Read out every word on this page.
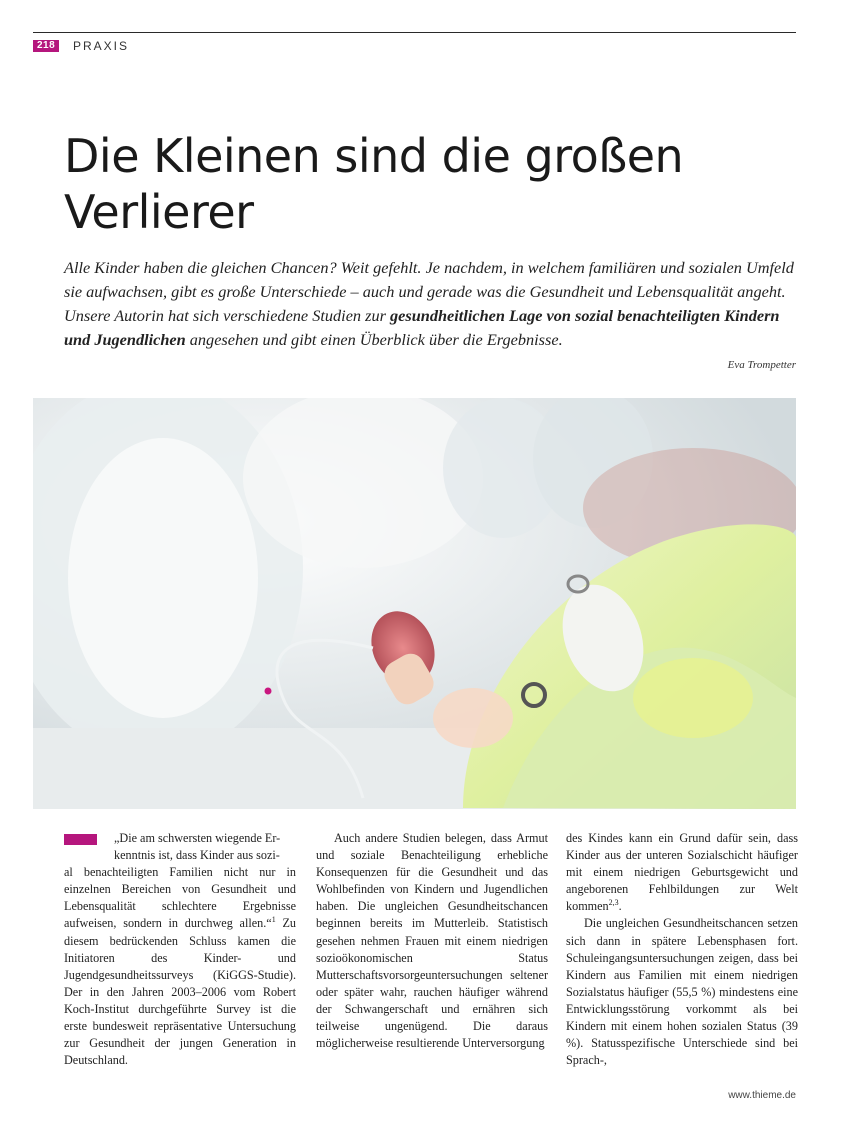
218	PRAXIS
Die Kleinen sind die großen
Verlierer

Alle Kinder haben die gleichen Chancen? Weit gefehlt. Je nachdem, in welchem familiären und sozialen Umfeld sie aufwachsen, gibt es große Unterschiede – auch und gerade was die Gesundheit und Lebensqualität angeht. Unsere Autorin hat sich verschiedene Studien zur gesundheitlichen Lage von sozial benachteiligten Kindern und Jugendlichen angesehen und gibt einen Überblick über die Ergebnisse.

Eva Trompetter

„Die am schwersten wiegende Er-

kenntnis ist, dass Kinder aus sozi-

al benachteiligten Familien nicht nur in einzelnen Bereichen von Gesundheit und Lebensqualität schlechtere Ergebnisse aufweisen, sondern in durchweg allen.“$^1$ Zu diesem bedrückenden Schluss kamen die Initiatoren des Kinder- und Jugendgesundheitssurveys (KiGGS-Studie). Der in den Jahren 2003–2006 vom Robert Koch-Institut durchgeführte Survey ist die erste bundesweit repräsentative Untersuchung zur Gesundheit der jungen Generation in Deutschland.

Auch andere Studien belegen, dass Armut und soziale Benachteiligung erhebliche Konsequenzen für die Gesundheit und das Wohlbefinden von Kindern und Jugendlichen haben. Die ungleichen Gesundheitschancen beginnen bereits im Mutterleib. Statistisch gesehen nehmen Frauen mit einem niedrigen sozioökonomischen Status Mutterschaftsvorsorgeuntersuchungen seltener oder später wahr, rauchen häufiger während der Schwangerschaft und ernähren sich teilweise ungenügend. Die daraus möglicherweise resultierende Unterversorgung

des Kindes kann ein Grund dafür sein, dass Kinder aus der unteren Sozialschicht häufiger mit einem niedrigen Geburtsgewicht und angeborenen Fehlbildungen zur Welt kommen$^{2,3}$.

Die ungleichen Gesundheitschancen setzen sich dann in spätere Lebensphasen fort. Schuleingangsuntersuchungen zeigen, dass bei Kindern aus Familien mit einem niedrigen Sozialstatus häufiger (55,5 %) mindestens eine Entwicklungsstörung vorkommt als bei Kindern mit einem hohen sozialen Status (39 %). Statusspezifische Unterschiede sind bei Sprach-,

www.thieme.de
